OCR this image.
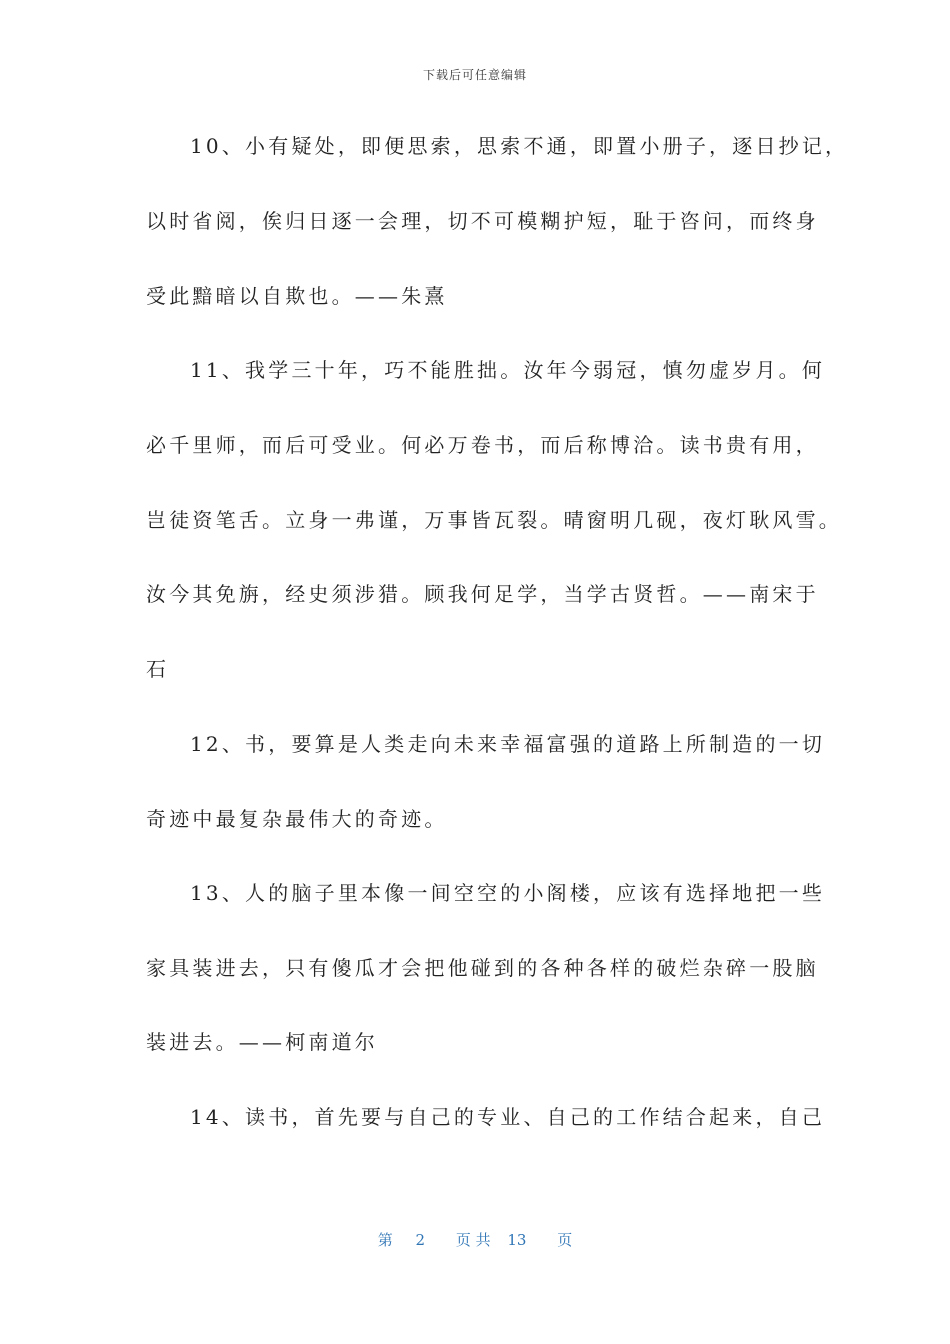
下载后可任意编辑
10、小有疑处，即便思索，思索不通，即置小册子，逐日抄记，
以时省阅，俟归日逐一会理，切不可模糊护短，耻于咨问，而终身
受此黯暗以自欺也。——朱熹
11、我学三十年，巧不能胜拙。汝年今弱冠，慎勿虚岁月。何
必千里师，而后可受业。何必万卷书，而后称博洽。读书贵有用，
岂徒资笔舌。立身一弗谨，万事皆瓦裂。晴窗明几砚，夜灯耿风雪。
汝今其免旃，经史须涉猎。顾我何足学，当学古贤哲。——南宋于
石
12、书，要算是人类走向未来幸福富强的道路上所制造的一切
奇迹中最复杂最伟大的奇迹。
13、人的脑子里本像一间空空的小阁楼，应该有选择地把一些
家具装进去，只有傻瓜才会把他碰到的各种各样的破烂杂碎一股脑
装进去。——柯南道尔
14、读书，首先要与自己的专业、自己的工作结合起来，自己
第 2 页 共 13 页
